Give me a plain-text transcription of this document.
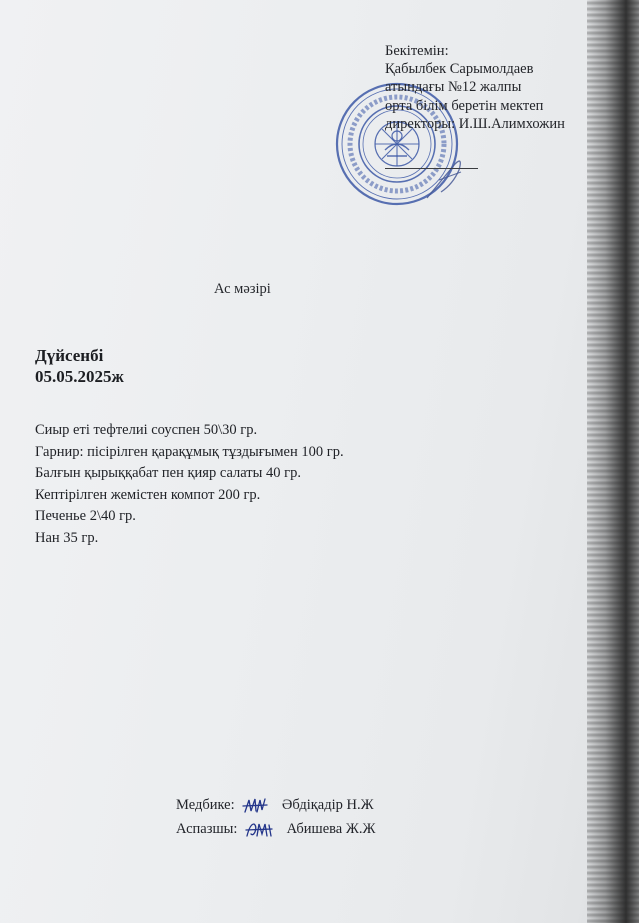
Бекітемін:
Қабылбек Сарымолдаев
атындағы №12 жалпы
орта білім беретін мектеп
директоры: И.Ш.Алимхожин
Ас мәзірі
Дүйсенбі
05.05.2025ж
Сиыр еті тефтелиі соуспен 50\30 гр.
Гарнир: пісірілген қарақұмық тұздығымен 100 гр.
Балғын қырыққабат пен қияр салаты 40 гр.
Кептірілген жемістен компот 200 гр.
Печенье 2\40 гр.
Нан 35 гр.
Медбике:	Әбдіқадір Н.Ж
Аспазшы:	Абишева Ж.Ж
